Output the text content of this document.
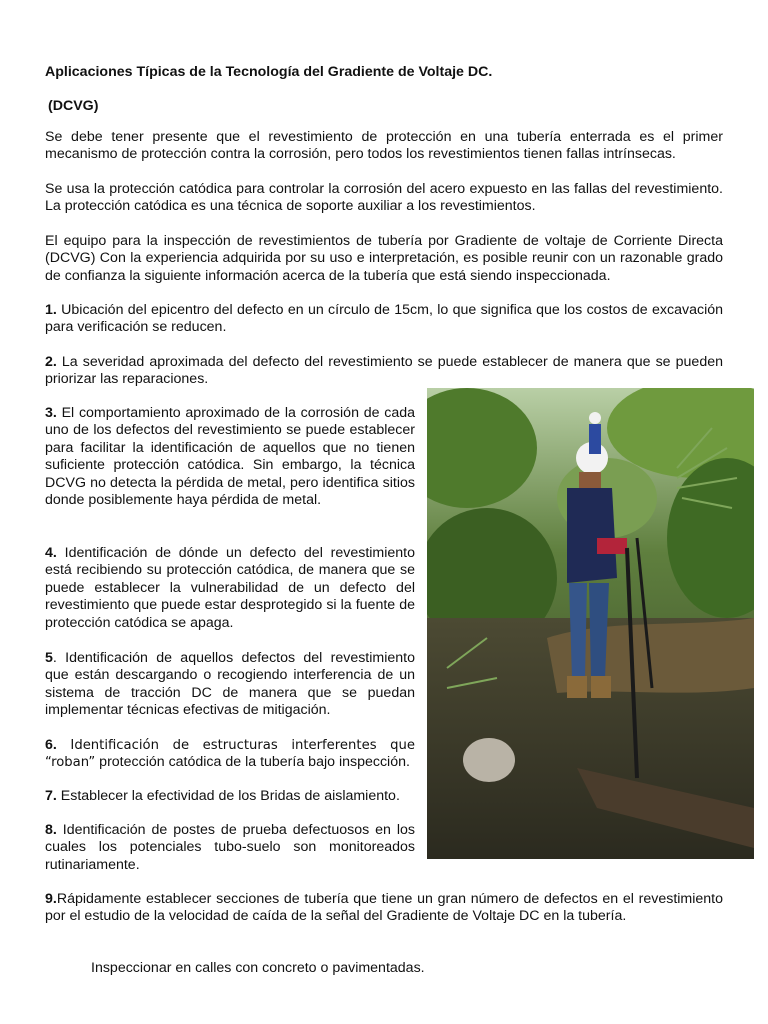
Aplicaciones Típicas de la Tecnología del Gradiente de Voltaje DC.

(DCVG)

Se debe tener presente que el revestimiento de protección en una tubería enterrada es el primer mecanismo de protección contra la corrosión, pero todos los revestimientos tienen fallas intrínsecas.

Se usa la protección catódica para controlar la corrosión del acero expuesto en las fallas del revestimiento. La protección catódica es una técnica de soporte auxiliar a los revestimientos.

El equipo para la inspección de revestimientos de tubería por Gradiente de voltaje de Corriente Directa (DCVG) Con la experiencia adquirida por su uso e interpretación, es posible reunir con un razonable grado de confianza la siguiente información acerca de la tubería que está siendo inspeccionada.

1. Ubicación del epicentro del defecto en un círculo de 15cm, lo que significa que los costos de excavación para verificación se reducen.

2. La severidad aproximada del defecto del revestimiento se puede establecer de manera que se pueden priorizar las reparaciones.

3. El comportamiento aproximado de la corrosión de cada uno de los defectos del revestimiento se puede establecer para facilitar la identificación de aquellos que no tienen suficiente protección catódica. Sin embargo, la técnica DCVG no detecta la pérdida de metal, pero identifica sitios donde posiblemente haya pérdida de metal.

4. Identificación de dónde un defecto del revestimiento está recibiendo su protección catódica, de manera que se puede establecer la vulnerabilidad de un defecto del revestimiento que puede estar desprotegido si la fuente de protección catódica se apaga.

5. Identificación de aquellos defectos del revestimiento que están descargando o recogiendo interferencia de un sistema de tracción DC de manera que se puedan implementar técnicas efectivas de mitigación.

6. Identificación de estructuras interferentes que “roban” protección catódica de la tubería bajo inspección.

7. Establecer la efectividad de los Bridas de aislamiento.

8. Identificación de postes de prueba defectuosos en los cuales los potenciales tubo-suelo son monitoreados rutinariamente.

9.Rápidamente establecer secciones de tubería que tiene un gran número de defectos en el revestimiento por el estudio de la velocidad de caída de la señal del Gradiente de Voltaje DC en la tubería.

Inspeccionar en calles con concreto o pavimentadas.
